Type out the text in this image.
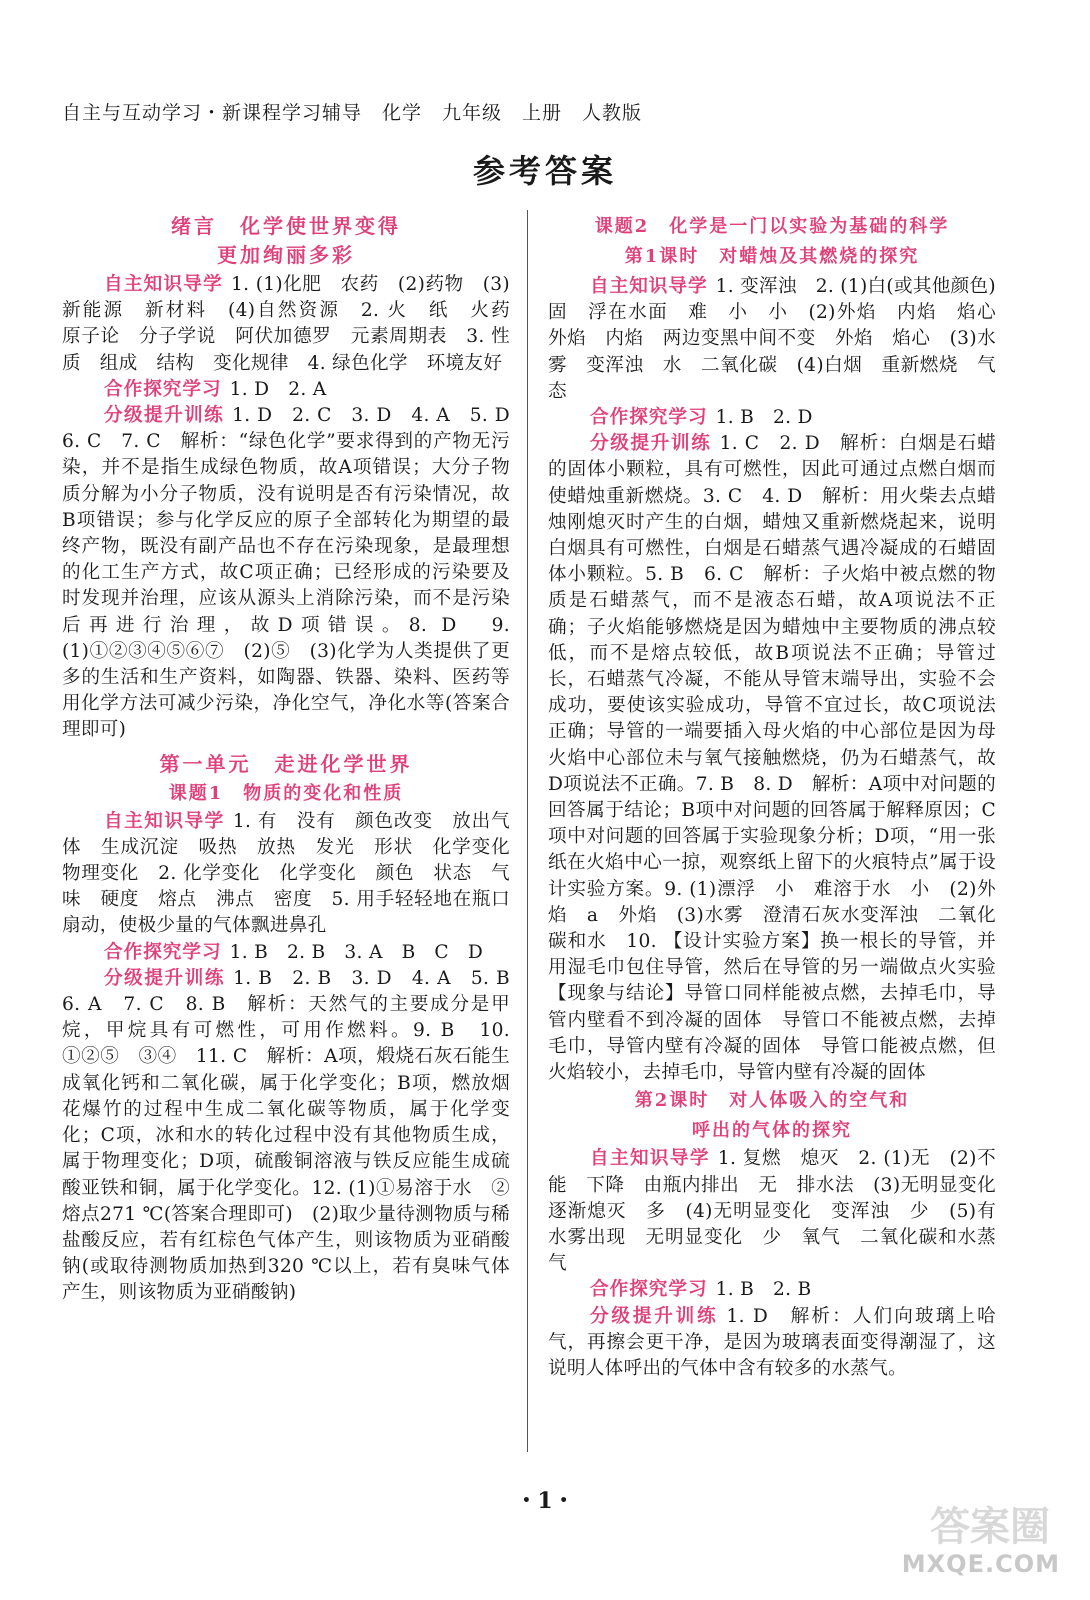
自主与互动学习・新课程学习辅导　化学　九年级　上册　人教版
参考答案
绪言　化学使世界变得
更加绚丽多彩
自主知识导学 1. (1)化肥　农药　(2)药物　(3)新能源　新材料　(4)自然资源　2. 火　纸　火药　原子论　分子学说　阿伏加德罗　元素周期表　3. 性质　组成　结构　变化规律　4. 绿色化学　环境友好
合作探究学习 1. D　2. A
分级提升训练 1. D　2. C　3. D　4. A　5. D　6. C　7. C　解析：“绿色化学”要求得到的产物无污染，并不是指生成绿色物质，故A项错误；大分子物质分解为小分子物质，没有说明是否有污染情况，故B项错误；参与化学反应的原子全部转化为期望的最终产物，既没有副产品也不存在污染现象，是最理想的化工生产方式，故C项正确；已经形成的污染要及时发现并治理，应该从源头上消除污染，而不是污染后再进行治理，故D项错误。8. D　9. (1)①②③④⑤⑥⑦　(2)⑤　(3)化学为人类提供了更多的生活和生产资料，如陶器、铁器、染料、医药等　用化学方法可减少污染，净化空气，净化水等(答案合理即可)
第一单元　走进化学世界
课题1　物质的变化和性质
自主知识导学 1. 有　没有　颜色改变　放出气体　生成沉淀　吸热　放热　发光　形状　化学变化　物理变化　2. 化学变化　化学变化　颜色　状态　气味　硬度　熔点　沸点　密度　5. 用手轻轻地在瓶口扇动，使极少量的气体飘进鼻孔
合作探究学习 1. B　2. B　3. A　B　C　D
分级提升训练 1. B　2. B　3. D　4. A　5. B　6. A　7. C　8. B　解析：天然气的主要成分是甲烷，甲烷具有可燃性，可用作燃料。9. B　10. ①②⑤　③④　11. C　解析：A项，煅烧石灰石能生成氧化钙和二氧化碳，属于化学变化；B项，燃放烟花爆竹的过程中生成二氧化碳等物质，属于化学变化；C项，冰和水的转化过程中没有其他物质生成，属于物理变化；D项，硫酸铜溶液与铁反应能生成硫酸亚铁和铜，属于化学变化。12. (1)①易溶于水　②熔点271 ℃(答案合理即可)　(2)取少量待测物质与稀盐酸反应，若有红棕色气体产生，则该物质为亚硝酸钠(或取待测物质加热到320 ℃以上，若有臭味气体产生，则该物质为亚硝酸钠)
课题2　化学是一门以实验为基础的科学
第1课时　对蜡烛及其燃烧的探究
自主知识导学 1. 变浑浊　2. (1)白(或其他颜色)　固　浮在水面　难　小　小　(2)外焰　内焰　焰心　外焰　内焰　两边变黑中间不变　外焰　焰心　(3)水雾　变浑浊　水　二氧化碳　(4)白烟　重新燃烧　气态
合作探究学习 1. B　2. D
分级提升训练 1. C　2. D　解析：白烟是石蜡的固体小颗粒，具有可燃性，因此可通过点燃白烟而使蜡烛重新燃烧。3. C　4. D　解析：用火柴去点蜡烛刚熄灭时产生的白烟，蜡烛又重新燃烧起来，说明白烟具有可燃性，白烟是石蜡蒸气遇冷凝成的石蜡固体小颗粒。5. B　6. C　解析：子火焰中被点燃的物质是石蜡蒸气，而不是液态石蜡，故A项说法不正确；子火焰能够燃烧是因为蜡烛中主要物质的沸点较低，而不是熔点较低，故B项说法不正确；导管过长，石蜡蒸气冷凝，不能从导管末端导出，实验不会成功，要使该实验成功，导管不宜过长，故C项说法正确；导管的一端要插入母火焰的中心部位是因为母火焰中心部位未与氧气接触燃烧，仍为石蜡蒸气，故D项说法不正确。7. B　8. D　解析：A项中对问题的回答属于结论；B项中对问题的回答属于解释原因；C项中对问题的回答属于实验现象分析；D项，“用一张纸在火焰中心一掠，观察纸上留下的火痕特点”属于设计实验方案。9. (1)漂浮　小　难溶于水　小　(2)外焰　a　外焰　(3)水雾　澄清石灰水变浑浊　二氧化碳和水　10. 【设计实验方案】换一根长的导管，并用湿毛巾包住导管，然后在导管的另一端做点火实验　【现象与结论】导管口同样能被点燃，去掉毛巾，导管内壁看不到冷凝的固体　导管口不能被点燃，去掉毛巾，导管内壁有冷凝的固体　导管口能被点燃，但火焰较小，去掉毛巾，导管内壁有冷凝的固体
第2课时　对人体吸入的空气和
呼出的气体的探究
自主知识导学 1. 复燃　熄灭　2. (1)无　(2)不能　下降　由瓶内排出　无　排水法　(3)无明显变化　逐渐熄灭　多　(4)无明显变化　变浑浊　少　(5)有水雾出现　无明显变化　少　氧气　二氧化碳和水蒸气
合作探究学习 1. B　2. B
分级提升训练 1. D　解析：人们向玻璃上哈气，再擦会更干净，是因为玻璃表面变得潮湿了，这说明人体呼出的气体中含有较多的水蒸气。
・1・
答案圈
MXQE.COM
